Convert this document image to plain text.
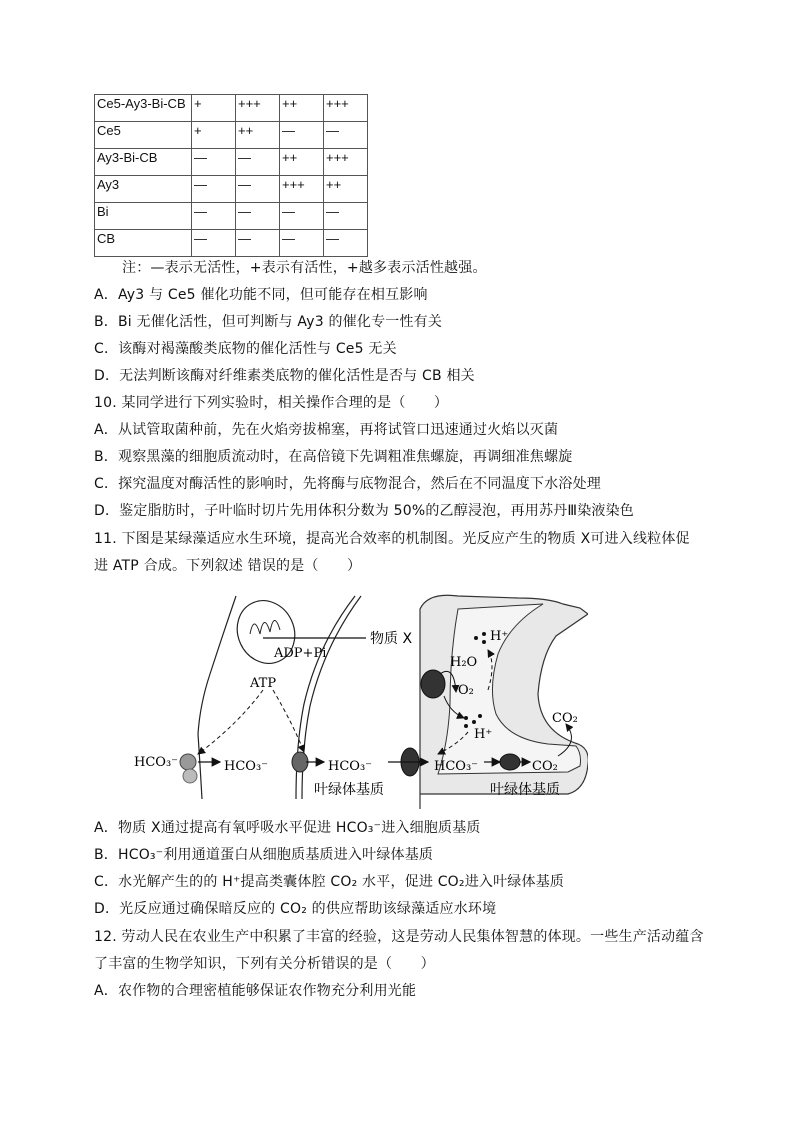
Ce5-Ay3-Bi-CB	+	+++	++	+++
Ce5	+	++	—	—
Ay3-Bi-CB	—	—	++	+++
Ay3	—	—	+++	++
Bi	—	—	—	—
CB	—	—	—	—
注：—表示无活性，+表示有活性，+越多表示活性越强。
A．Ay3 与 Ce5 催化功能不同，但可能存在相互影响
B．Bi 无催化活性，但可判断与 Ay3 的催化专一性有关
C．该酶对褐藻酸类底物的催化活性与 Ce5 无关
D．无法判断该酶对纤维素类底物的催化活性是否与 CB 相关
10. 某同学进行下列实验时，相关操作合理的是（　　）
A．从试管取菌种前，先在火焰旁拔棉塞，再将试管口迅速通过火焰以灭菌
B．观察黑藻的细胞质流动时，在高倍镜下先调粗准焦螺旋，再调细准焦螺旋
C．探究温度对酶活性的影响时，先将酶与底物混合，然后在不同温度下水浴处理
D．鉴定脂肪时，子叶临时切片先用体积分数为 50%的乙醇浸泡，再用苏丹Ⅲ染液染色
11. 下图是某绿藻适应水生环境，提高光合效率的机制图。光反应产生的物质 X可进入线粒体促
进 ATP 合成。下列叙述 错误的是（　　）
物质 X
ADP+Pi
ATP
HCO₃⁻	HCO₃⁻	HCO₃⁻	HCO₃⁻	CO₂
CO₂
H₂O
O₂
H⁺
H⁺
叶绿体基质	叶绿体基质
A．物质 X通过提高有氧呼吸水平促进 HCO₃⁻进入细胞质基质
B．HCO₃⁻利用通道蛋白从细胞质基质进入叶绿体基质
C．水光解产生的的 H⁺提高类囊体腔 CO₂ 水平，促进 CO₂进入叶绿体基质
D．光反应通过确保暗反应的 CO₂ 的供应帮助该绿藻适应水环境
12. 劳动人民在农业生产中积累了丰富的经验，这是劳动人民集体智慧的体现。一些生产活动蕴含
了丰富的生物学知识，下列有关分析错误的是（　　）
A．农作物的合理密植能够保证农作物充分利用光能
